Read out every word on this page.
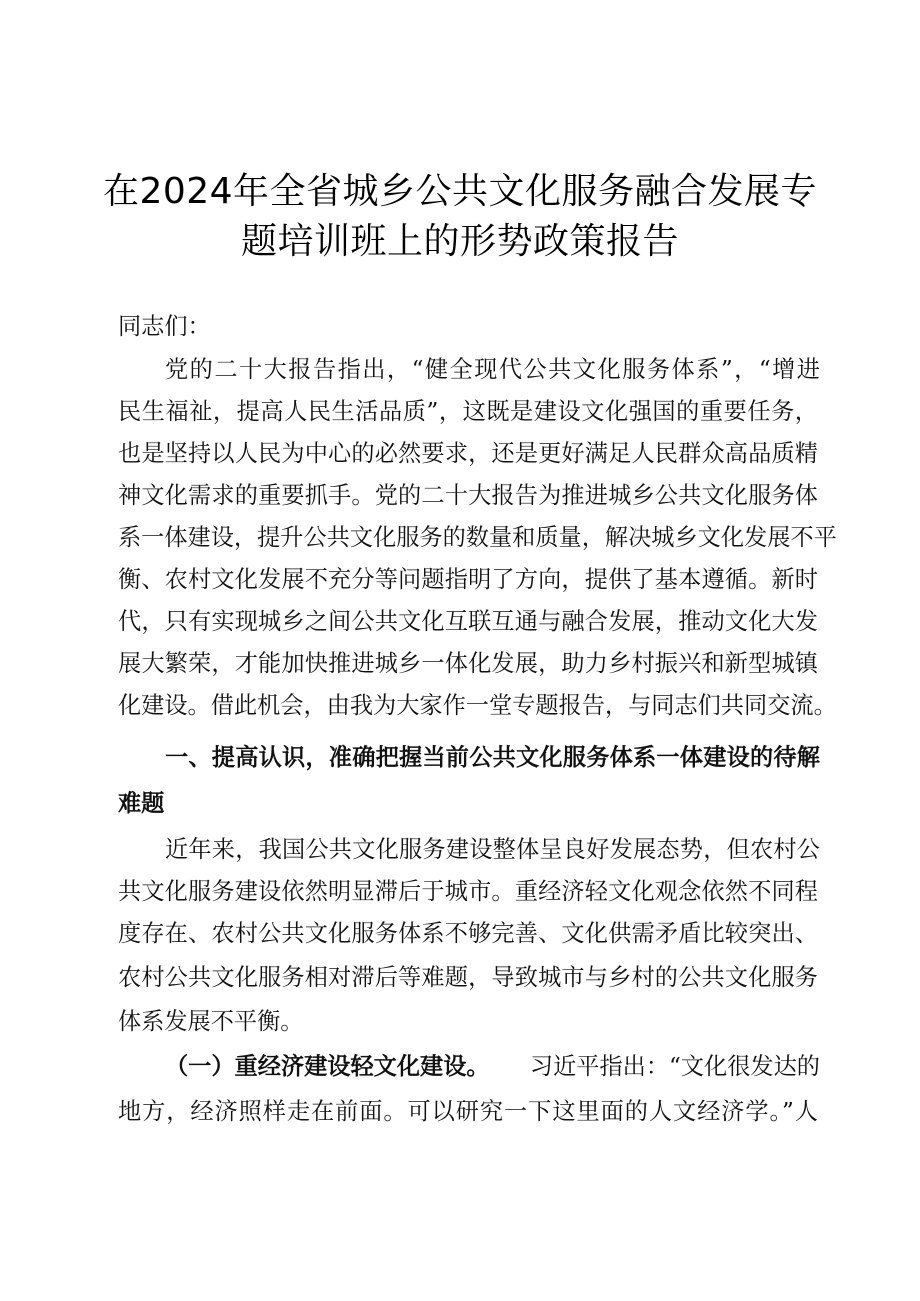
在2024年全省城乡公共文化服务融合发展专
题培训班上的形势政策报告
同志们：
党的二十大报告指出，“健全现代公共文化服务体系”，“增进
民生福祉，提高人民生活品质”，这既是建设文化强国的重要任务，
也是坚持以人民为中心的必然要求，还是更好满足人民群众高品质精
神文化需求的重要抓手。党的二十大报告为推进城乡公共文化服务体
系一体建设，提升公共文化服务的数量和质量，解决城乡文化发展不平
衡、农村文化发展不充分等问题指明了方向，提供了基本遵循。新时
代，只有实现城乡之间公共文化互联互通与融合发展，推动文化大发
展大繁荣，才能加快推进城乡一体化发展，助力乡村振兴和新型城镇
化建设。借此机会，由我为大家作一堂专题报告，与同志们共同交流。
一、提高认识，准确把握当前公共文化服务体系一体建设的待解
难题
近年来，我国公共文化服务建设整体呈良好发展态势，但农村公
共文化服务建设依然明显滞后于城市。重经济轻文化观念依然不同程
度存在、农村公共文化服务体系不够完善、文化供需矛盾比较突出、
农村公共文化服务相对滞后等难题，导致城市与乡村的公共文化服务
体系发展不平衡。
（一）重经济建设轻文化建设。 习近平指出：“文化很发达的
地方，经济照样走在前面。可以研究一下这里面的人文经济学。”人
